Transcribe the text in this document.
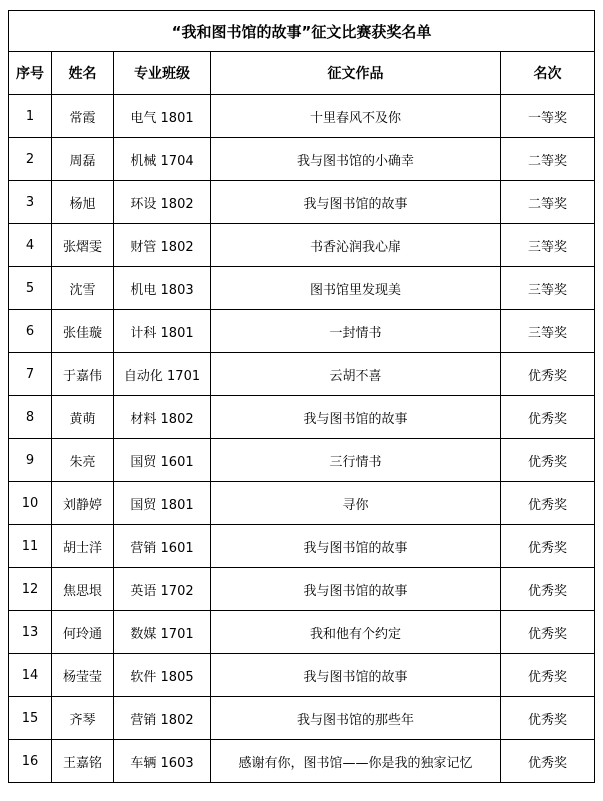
“我和图书馆的故事”征文比赛获奖名单				
序号	姓名	专业班级	征文作品	名次
1	常霞	电气 1801	十里春风不及你	一等奖
2	周磊	机械 1704	我与图书馆的小确幸	二等奖
3	杨旭	环设 1802	我与图书馆的故事	二等奖
4	张熠雯	财管 1802	书香沁润我心扉	三等奖
5	沈雪	机电 1803	图书馆里发现美	三等奖
6	张佳璇	计科 1801	一封情书	三等奖
7	于嘉伟	自动化 1701	云胡不喜	优秀奖
8	黄萌	材料 1802	我与图书馆的故事	优秀奖
9	朱亮	国贸 1601	三行情书	优秀奖
10	刘静婷	国贸 1801	寻你	优秀奖
11	胡士洋	营销 1601	我与图书馆的故事	优秀奖
12	焦思垠	英语 1702	我与图书馆的故事	优秀奖
13	何玲通	数媒 1701	我和他有个约定	优秀奖
14	杨莹莹	软件 1805	我与图书馆的故事	优秀奖
15	齐琴	营销 1802	我与图书馆的那些年	优秀奖
16	王嘉铭	车辆 1603	感谢有你，图书馆——你是我的独家记忆	优秀奖
